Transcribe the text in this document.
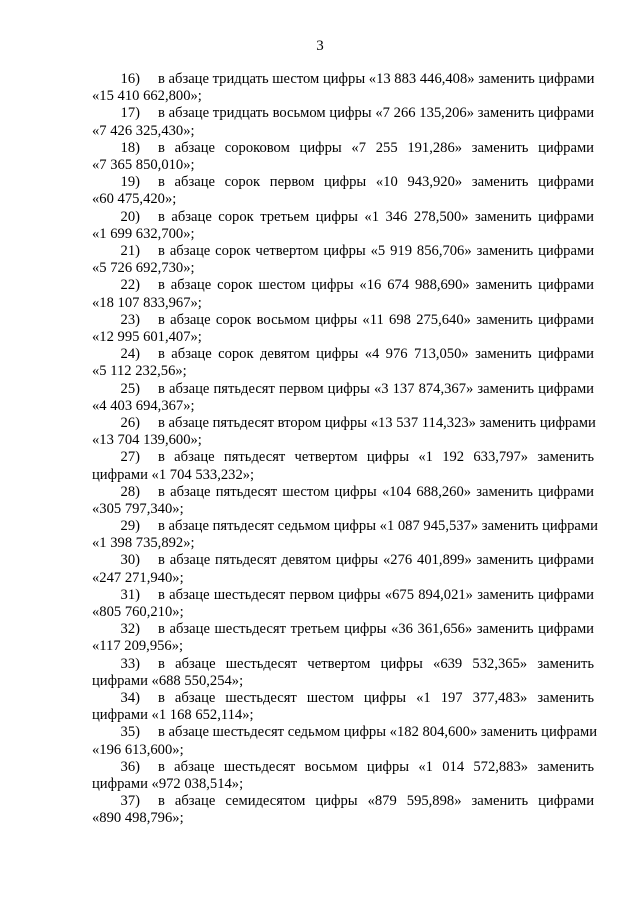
3
16)	в абзаце тридцать шестом цифры «13 883 446,408» заменить цифрами
«15 410 662,800»;
17)	в абзаце тридцать восьмом цифры «7 266 135,206» заменить цифрами
«7 426 325,430»;
18)	в абзаце сороковом цифры «7 255 191,286» заменить цифрами
«7 365 850,010»;
19)	в абзаце сорок первом цифры «10 943,920» заменить цифрами
«60 475,420»;
20)	в абзаце сорок третьем цифры «1 346 278,500» заменить цифрами
«1 699 632,700»;
21)	в абзаце сорок четвертом цифры «5 919 856,706» заменить цифрами
«5 726 692,730»;
22)	в абзаце сорок шестом цифры «16 674 988,690» заменить цифрами
«18 107 833,967»;
23)	в абзаце сорок восьмом цифры «11 698 275,640» заменить цифрами
«12 995 601,407»;
24)	в абзаце сорок девятом цифры «4 976 713,050» заменить цифрами
«5 112 232,56»;
25)	в абзаце пятьдесят первом цифры «3 137 874,367» заменить цифрами
«4 403 694,367»;
26)	в абзаце пятьдесят втором цифры «13 537 114,323» заменить цифрами
«13 704 139,600»;
27)	в абзаце пятьдесят четвертом цифры «1 192 633,797» заменить
цифрами «1 704 533,232»;
28)	в абзаце пятьдесят шестом цифры «104 688,260» заменить цифрами
«305 797,340»;
29)	в абзаце пятьдесят седьмом цифры «1 087 945,537» заменить цифрами
«1 398 735,892»;
30)	в абзаце пятьдесят девятом цифры «276 401,899» заменить цифрами
«247 271,940»;
31)	в абзаце шестьдесят первом цифры «675 894,021» заменить цифрами
«805 760,210»;
32)	в абзаце шестьдесят третьем цифры «36 361,656» заменить цифрами
«117 209,956»;
33)	в абзаце шестьдесят четвертом цифры «639 532,365» заменить
цифрами «688 550,254»;
34)	в абзаце шестьдесят шестом цифры «1 197 377,483» заменить
цифрами «1 168 652,114»;
35)	в абзаце шестьдесят седьмом цифры «182 804,600» заменить цифрами
«196 613,600»;
36)	в абзаце шестьдесят восьмом цифры «1 014 572,883» заменить
цифрами «972 038,514»;
37)	в абзаце семидесятом цифры «879 595,898» заменить цифрами
«890 498,796»;
